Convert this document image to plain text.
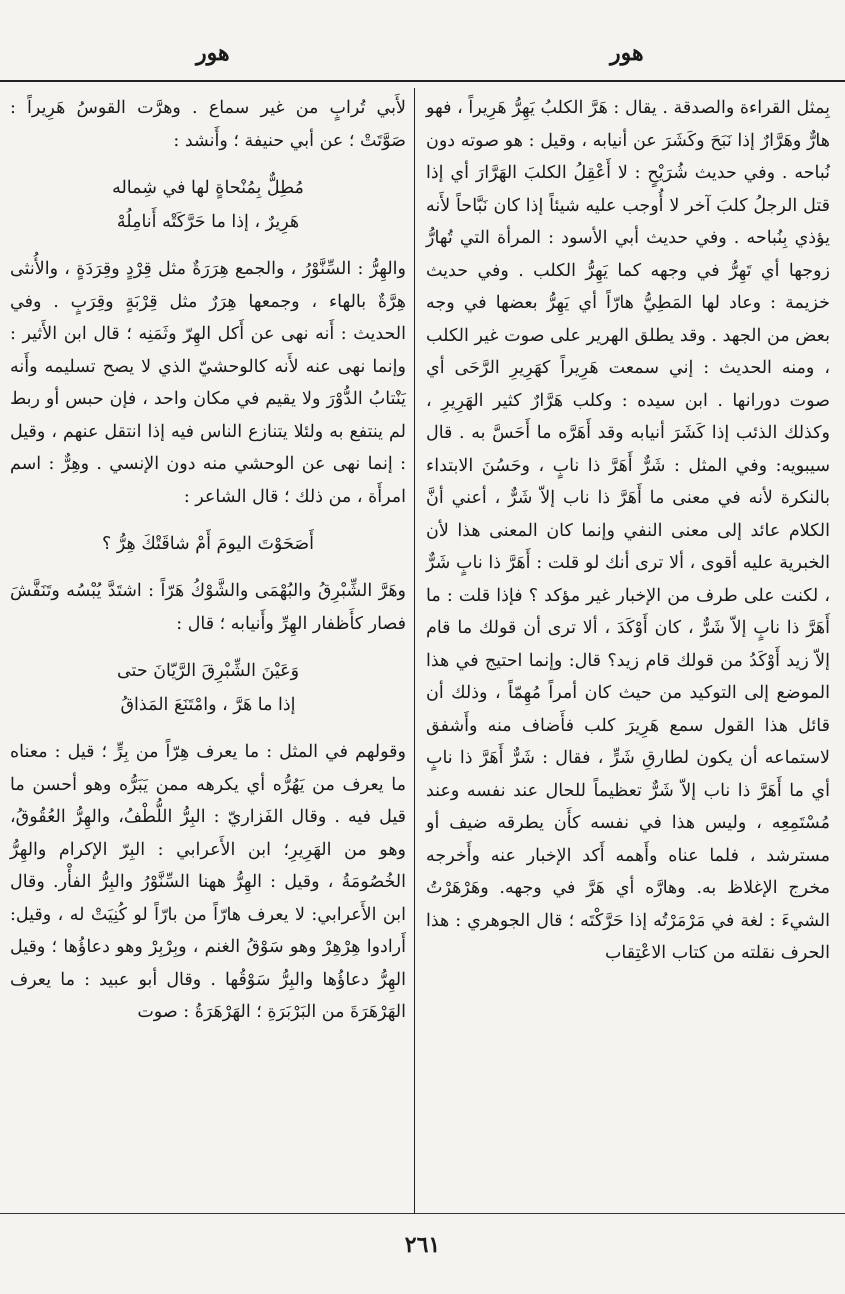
هور	هور

بِمثل القراءة والصدقة . يقال : هَرَّ الكلبُ يَهِرُّ هَرِيراً ، فهو هارٌّ وهَرَّارٌ إذا نَبَحَ وكَشَرَ عن أنيابه ، وقيل : هو صوته دون نُباحه . وفي حديث شُرَيْحٍ : لا أَعْقِلُ الكلبَ الهَرَّارَ أي إذا قتل الرجلُ كلبَ آخر لا أُوجب عليه شيئاً إذا كان نَبَّاحاً لأَنه يؤذي بِنُباحه . وفي حديث أبي الأسود : المرأة التي تُهارُّ زوجها أي تَهِرُّ في وجهه كما يَهِرُّ الكلب . وفي حديث خزيمة : وعاد لها المَطِيُّ هارّاً أي يَهِرُّ بعضها في وجه بعض من الجهد . وقد يطلق الهرير على صوت غير الكلب ، ومنه الحديث : إني سمعت هَرِيراً كهَرِيرِ الرَّحَى أي صوت دورانها . ابن سيده : وكلب هَرَّارٌ كثير الهَرِيرِ ، وكذلك الذئب إذا كَشَرَ أنيابه وقد أَهَرَّه ما أَحَسَّ به . قال سيبويه: وفي المثل : شَرٌّ أَهَرَّ ذا نابٍ ، وحَسُنَ الابتداء بالنكرة لأنه في معنى ما أَهَرَّ ذا ناب إلاّ شَرٌّ ، أعني أنَّ الكلام عائد إلى معنى النفي وإنما كان المعنى هذا لأن الخبرية عليه أقوى ، ألا ترى أنك لو قلت : أَهَرَّ ذا نابٍ شَرٌّ ، لكنت على طرف من الإخبار غير مؤكد ؟ فإذا قلت : ما أَهَرَّ ذا نابٍ إلاّ شَرٌّ ، كان أَوْكَدَ ، ألا ترى أن قولك ما قام إلاّ زيد أَوْكَدُ من قولك قام زيد؟ قال: وإنما احتيج في هذا الموضع إلى التوكيد من حيث كان أمراً مُهِمّاً ، وذلك أن قائل هذا القول سمع هَرِيرَ كلب فأَضاف منه وأَشفق لاستماعه أن يكون لطارقِ شَرٍّ ، فقال : شَرٌّ أَهَرَّ ذا نابٍ أي ما أَهَرَّ ذا ناب إلاّ شَرٌّ تعظيماً للحال عند نفسه وعند مُسْتَمِعِه ، وليس هذا في نفسه كأَن يطرقه ضيف أو مسترشد ، فلما عناه وأَهمه أَكد الإخبار عنه وأَخرجه مخرج الإغلاظ به. وهارَّه أي هَرَّ في وجهه. وهَرْهَرْتُ الشيءَ : لغة في مَرْمَرْتُه إذا حَرَّكْتَه ؛ قال الجوهري : هذا الحرف نقلته من كتاب الاعْتِقاب

لأَبي تُرابٍ من غير سماع . وهرَّت القوسُ هَرِيراً : صَوَّتَتْ ؛ عن أبي حنيفة ؛ وأَنشد :

مُطِلٌّ بِمُنْحاةٍ لها في شِماله

هَرِيرٌ ، إذا ما حَرَّكَتْه أَنامِلُهْ

والهِرُّ : السِّنَّوْرُ ، والجمع هِرَرَةٌ مثل قِرْدٍ وقِرَدَةٍ ، والأُنثى هِرَّةٌ بالهاء ، وجمعها هِرَرٌ مثل قِرْبَةٍ وقِرَبٍ . وفي الحديث : أَنه نهى عن أَكل الهِرّ وثَمَنِه ؛ قال ابن الأَثير : وإنما نهى عنه لأَنه كالوحشيّ الذي لا يصح تسليمه وأَنه يَنْتابُ الدُّوْرَ ولا يقيم في مكان واحد ، فإن حبس أو ربط لم ينتفع به ولئلا يتنازع الناس فيه إذا انتقل عنهم ، وقيل : إنما نهى عن الوحشي منه دون الإنسي . وهِرٌّ : اسم امرأَة ، من ذلك ؛ قال الشاعر :

أَصَحَوْتَ اليومَ أَمْ شاقَتْكَ هِرُّ ؟

وهَرَّ الشِّبْرِقُ والبُهْمَى والشَّوْكُ هَرّاً : اشتَدَّ يُبْسُه وتَنَفَّشَ فصار كأَظفار الهِرِّ وأَنيابه ؛ قال :

وَعَيْنَ الشِّبْرِقَ الرَّيّانَ حتى

إذا ما هَرَّ ، وامْتَنَعَ المَذاقُ

وقولهم في المثل : ما يعرف هِرّاً من بِرٍّ ؛ قيل : معناه ما يعرف من يَهُرُّه أي يكرهه ممن يَبَرُّه وهو أحسن ما قيل فيه . وقال الفَزاريّ : البِرُّ اللُّطْفُ، والهِرُّ العُقُوقُ، وهو من الهَرِيرِ؛ ابن الأَعرابي : البِرّ الإكرام والهِرُّ الخُصُومَةُ ، وقيل : الهِرُّ ههنا السِّنَّوْرُ والبِرُّ الفأْر. وقال ابن الأَعرابي: لا يعرف هارّاً من بارّاً لو كُنِيَتْ له ، وقيل: أَرادوا هِرْهِرْ وهو سَوْقُ الغنم ، وبِرْبِرْ وهو دعاؤُها ؛ وقيل الهِرُّ دعاؤُها والبِرُّ سَوْقُها . وقال أبو عبيد : ما يعرف الهَرْهَرَةَ من البَرْبَرَةِ ؛ الهَرْهَرَةُ : صوت

٢٦١
